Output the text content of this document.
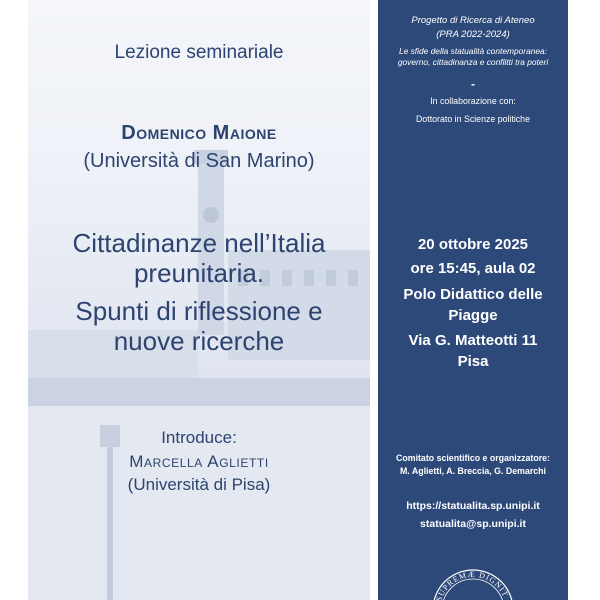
Lezione seminariale
Domenico Maione
(Università di San Marino)
Cittadinanze nell’Italia
preunitaria.
Spunti di riflessione e
nuove ricerche
Introduce:
Marcella Aglietti
(Università di Pisa)
Progetto di Ricerca di Ateneo
(PRA 2022-2024)
Le sfide della statualità contemporanea:
governo, cittadinanza e conflitti tra poteri
-
In collaborazione con:
Dottorato in Scienze politiche
20 ottobre 2025
ore 15:45, aula 02
Polo Didattico delle
Piagge
Via G. Matteotti 11
Pisa
Comitato scientifico e organizzatore:
M. Aglietti, A. Breccia, G. Demarchi
https://statualita.sp.unipi.it
statualita@sp.unipi.it
SUPREMÆ DIGNIT
